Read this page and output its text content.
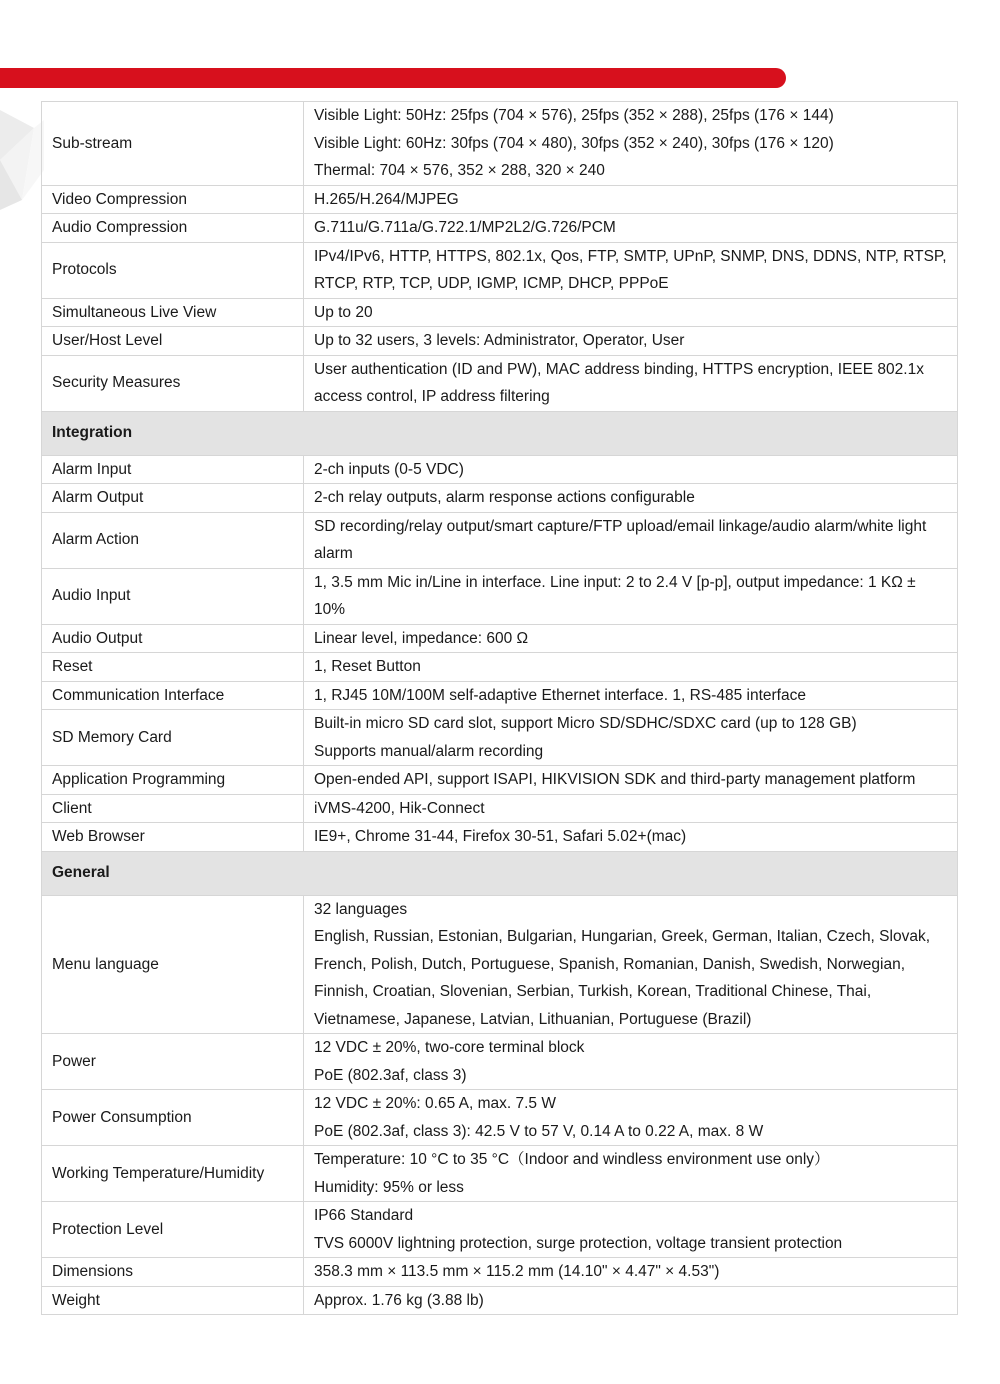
Sub-stream	Visible Light: 50Hz: 25fps (704 × 576), 25fps (352 × 288), 25fps (176 × 144)
Visible Light: 60Hz: 30fps (704 × 480), 30fps (352 × 240), 30fps (176 × 120)
Thermal: 704 × 576, 352 × 288, 320 × 240

Video Compression	H.265/H.264/MJPEG

Audio Compression	G.711u/G.711a/G.722.1/MP2L2/G.726/PCM

Protocols	IPv4/IPv6, HTTP, HTTPS, 802.1x, Qos, FTP, SMTP, UPnP, SNMP, DNS, DDNS, NTP, RTSP, RTCP, RTP, TCP, UDP, IGMP, ICMP, DHCP, PPPoE

Simultaneous Live View	Up to 20

User/Host Level	Up to 32 users, 3 levels: Administrator, Operator, User

Security Measures	User authentication (ID and PW), MAC address binding, HTTPS encryption, IEEE 802.1x access control, IP address filtering

Integration	
Alarm Input	2-ch inputs (0-5 VDC)

Alarm Output	2-ch relay outputs, alarm response actions configurable

Alarm Action	SD recording/relay output/smart capture/FTP upload/email linkage/audio alarm/white light alarm

Audio Input	1, 3.5 mm Mic in/Line in interface. Line input: 2 to 2.4 V [p-p], output impedance: 1 KΩ ± 10%

Audio Output	Linear level, impedance: 600 Ω

Reset	1, Reset Button

Communication Interface	1, RJ45 10M/100M self-adaptive Ethernet interface. 1, RS-485 interface

SD Memory Card	Built-in micro SD card slot, support Micro SD/SDHC/SDXC card (up to 128 GB)
Supports manual/alarm recording

Application Programming	Open-ended API, support ISAPI, HIKVISION SDK and third-party management platform

Client	iVMS-4200, Hik-Connect

Web Browser	IE9+, Chrome 31-44, Firefox 30-51, Safari 5.02+(mac)

General	
Menu language	32 languages
English, Russian, Estonian, Bulgarian, Hungarian, Greek, German, Italian, Czech, Slovak, French, Polish, Dutch, Portuguese, Spanish, Romanian, Danish, Swedish, Norwegian, Finnish, Croatian, Slovenian, Serbian, Turkish, Korean, Traditional Chinese, Thai, Vietnamese, Japanese, Latvian, Lithuanian, Portuguese (Brazil)

Power	12 VDC ± 20%, two-core terminal block
PoE (802.3af, class 3)

Power Consumption	12 VDC ± 20%: 0.65 A, max. 7.5 W
PoE (802.3af, class 3): 42.5 V to 57 V, 0.14 A to 0.22 A, max. 8 W

Working Temperature/Humidity	Temperature: 10 °C to 35 °C（Indoor and windless environment use only）
Humidity: 95% or less

Protection Level	IP66 Standard
TVS 6000V lightning protection, surge protection, voltage transient protection

Dimensions	358.3 mm × 113.5 mm × 115.2 mm (14.10" × 4.47" × 4.53")

Weight	Approx. 1.76 kg (3.88 lb)
